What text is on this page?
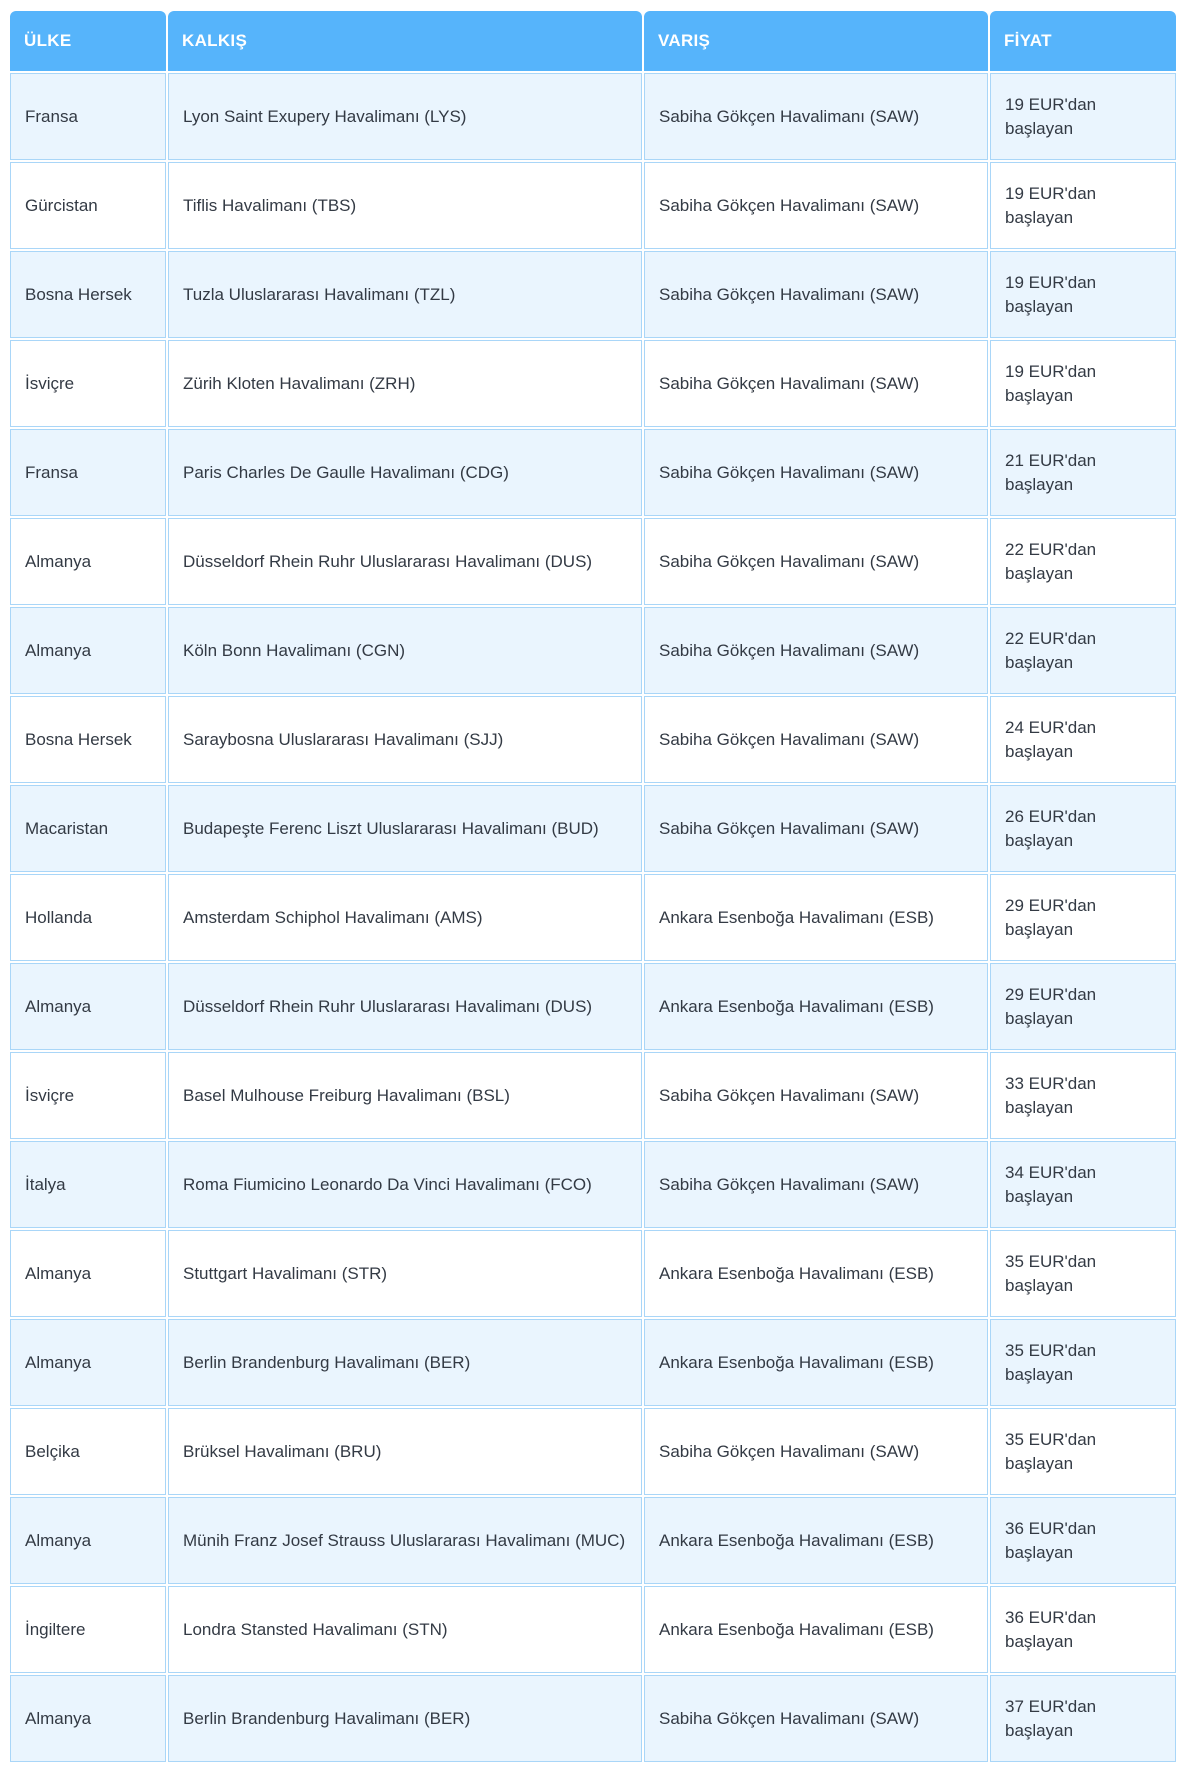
ÜLKE	KALKIŞ	VARIŞ	FİYAT
Fransa	Lyon Saint Exupery Havalimanı (LYS)	Sabiha Gökçen Havalimanı (SAW)	19 EUR'dan
başlayan

Gürcistan	Tiflis Havalimanı (TBS)	Sabiha Gökçen Havalimanı (SAW)	19 EUR'dan
başlayan

Bosna Hersek	Tuzla Uluslararası Havalimanı (TZL)	Sabiha Gökçen Havalimanı (SAW)	19 EUR'dan
başlayan

İsviçre	Zürih Kloten Havalimanı (ZRH)	Sabiha Gökçen Havalimanı (SAW)	19 EUR'dan
başlayan

Fransa	Paris Charles De Gaulle Havalimanı (CDG)	Sabiha Gökçen Havalimanı (SAW)	21 EUR'dan
başlayan

Almanya	Düsseldorf Rhein Ruhr Uluslararası Havalimanı (DUS)	Sabiha Gökçen Havalimanı (SAW)	22 EUR'dan
başlayan

Almanya	Köln Bonn Havalimanı (CGN)	Sabiha Gökçen Havalimanı (SAW)	22 EUR'dan
başlayan

Bosna Hersek	Saraybosna Uluslararası Havalimanı (SJJ)	Sabiha Gökçen Havalimanı (SAW)	24 EUR'dan
başlayan

Macaristan	Budapeşte Ferenc Liszt Uluslararası Havalimanı (BUD)	Sabiha Gökçen Havalimanı (SAW)	26 EUR'dan
başlayan

Hollanda	Amsterdam Schiphol Havalimanı (AMS)	Ankara Esenboğa Havalimanı (ESB)	29 EUR'dan
başlayan

Almanya	Düsseldorf Rhein Ruhr Uluslararası Havalimanı (DUS)	Ankara Esenboğa Havalimanı (ESB)	29 EUR'dan
başlayan

İsviçre	Basel Mulhouse Freiburg Havalimanı (BSL)	Sabiha Gökçen Havalimanı (SAW)	33 EUR'dan
başlayan

İtalya	Roma Fiumicino Leonardo Da Vinci Havalimanı (FCO)	Sabiha Gökçen Havalimanı (SAW)	34 EUR'dan
başlayan

Almanya	Stuttgart Havalimanı (STR)	Ankara Esenboğa Havalimanı (ESB)	35 EUR'dan
başlayan

Almanya	Berlin Brandenburg Havalimanı (BER)	Ankara Esenboğa Havalimanı (ESB)	35 EUR'dan
başlayan

Belçika	Brüksel Havalimanı (BRU)	Sabiha Gökçen Havalimanı (SAW)	35 EUR'dan
başlayan

Almanya	Münih Franz Josef Strauss Uluslararası Havalimanı (MUC)	Ankara Esenboğa Havalimanı (ESB)	36 EUR'dan
başlayan

İngiltere	Londra Stansted Havalimanı (STN)	Ankara Esenboğa Havalimanı (ESB)	36 EUR'dan
başlayan

Almanya	Berlin Brandenburg Havalimanı (BER)	Sabiha Gökçen Havalimanı (SAW)	37 EUR'dan
başlayan
